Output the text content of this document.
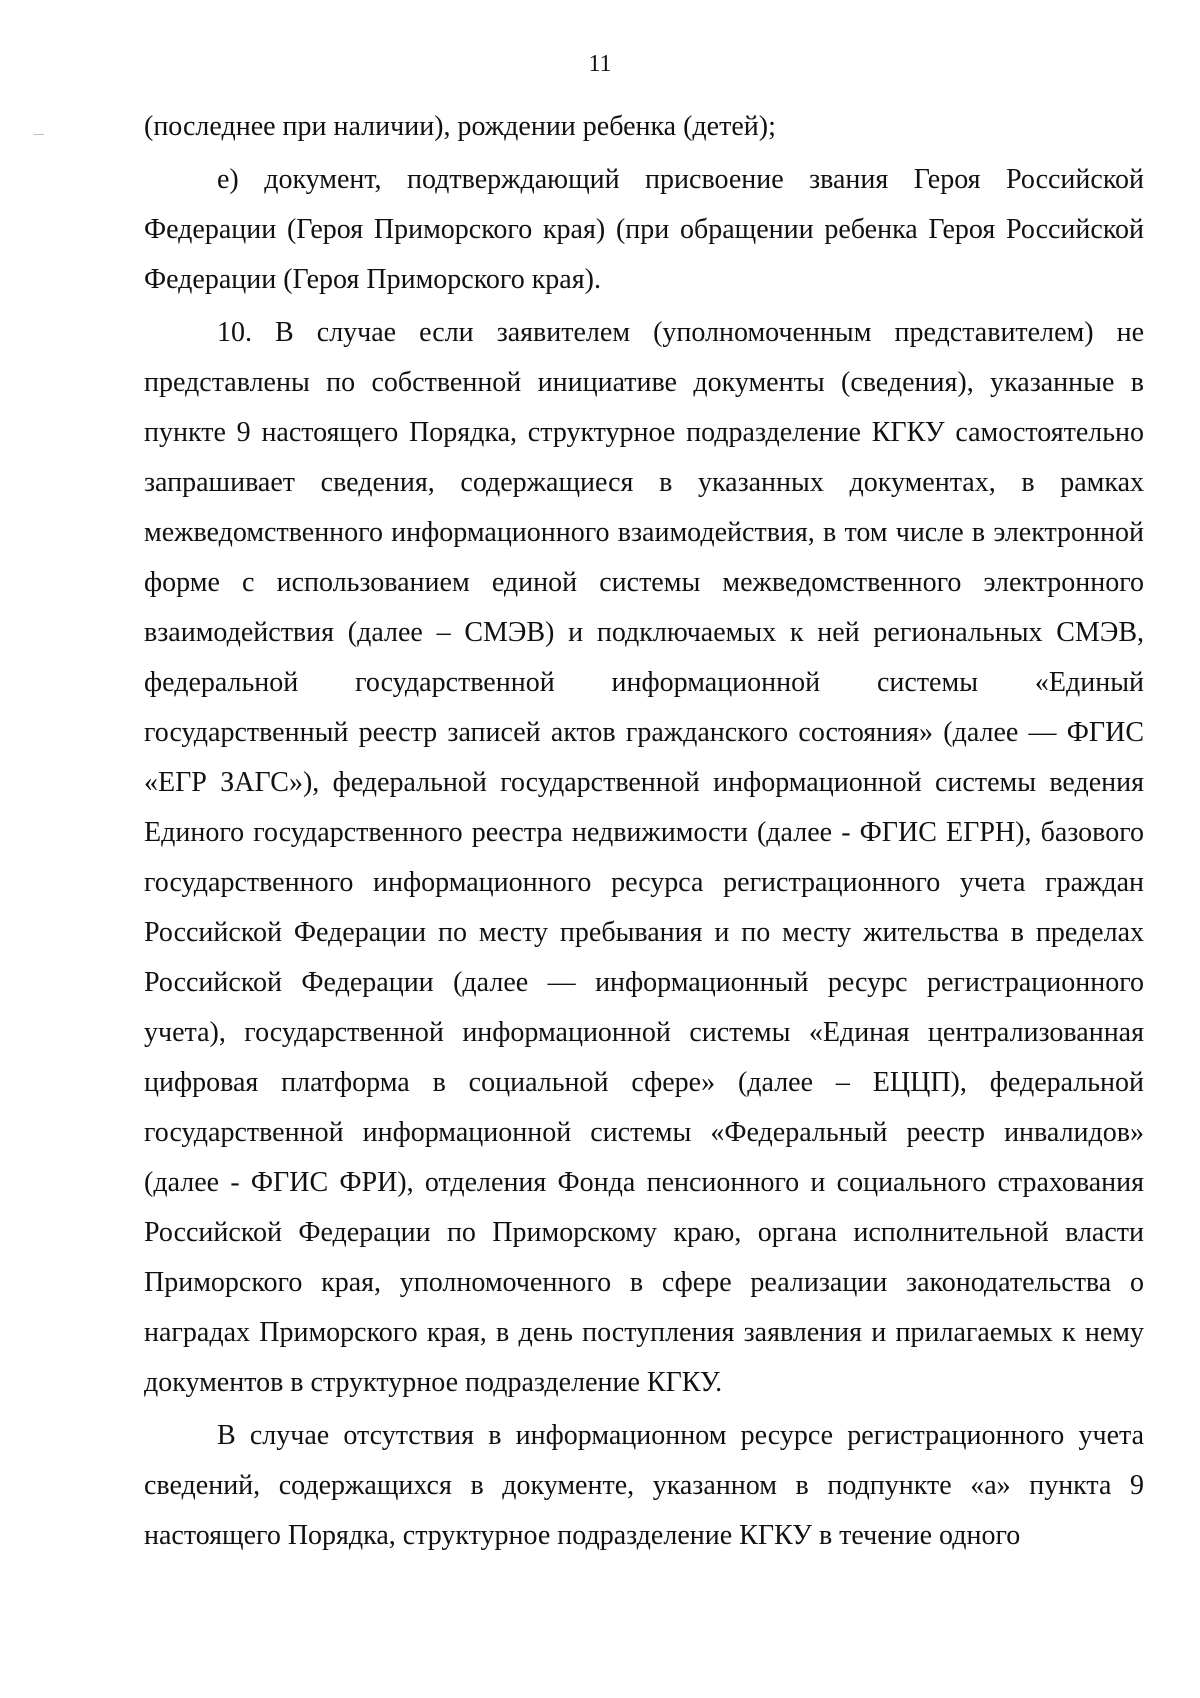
11

(последнее при наличии), рождении ребенка (детей);

е) документ, подтверждающий присвоение звания Героя Российской Федерации (Героя Приморского края) (при обращении ребенка Героя Российской Федерации (Героя Приморского края).

10. В случае если заявителем (уполномоченным представителем) не представлены по собственной инициативе документы (сведения), указанные в пункте 9 настоящего Порядка, структурное подразделение КГКУ самостоятельно запрашивает сведения, содержащиеся в указанных документах, в рамках межведомственного информационного взаимодействия, в том числе в электронной форме с использованием единой системы межведомственного электронного взаимодействия (далее – СМЭВ) и подключаемых к ней региональных СМЭВ, федеральной государственной информационной системы «Единый государственный реестр записей актов гражданского состояния» (далее — ФГИС «ЕГР ЗАГС»), федеральной государственной информационной системы ведения Единого государственного реестра недвижимости (далее - ФГИС ЕГРН), базового государственного информационного ресурса регистрационного учета граждан Российской Федерации по месту пребывания и по месту жительства в пределах Российской Федерации (далее — информационный ресурс регистрационного учета), государственной информационной системы «Единая централизованная цифровая платформа в социальной сфере» (далее – ЕЦЦП), федеральной государственной информационной системы «Федеральный реестр инвалидов» (далее - ФГИС ФРИ), отделения Фонда пенсионного и социального страхования Российской Федерации по Приморскому краю, органа исполнительной власти Приморского края, уполномоченного в сфере реализации законодательства о наградах Приморского края, в день поступления заявления и прилагаемых к нему документов в структурное подразделение КГКУ.

В случае отсутствия в информационном ресурсе регистрационного учета сведений, содержащихся в документе, указанном в подпункте «а» пункта 9 настоящего Порядка, структурное подразделение КГКУ в течение одного
